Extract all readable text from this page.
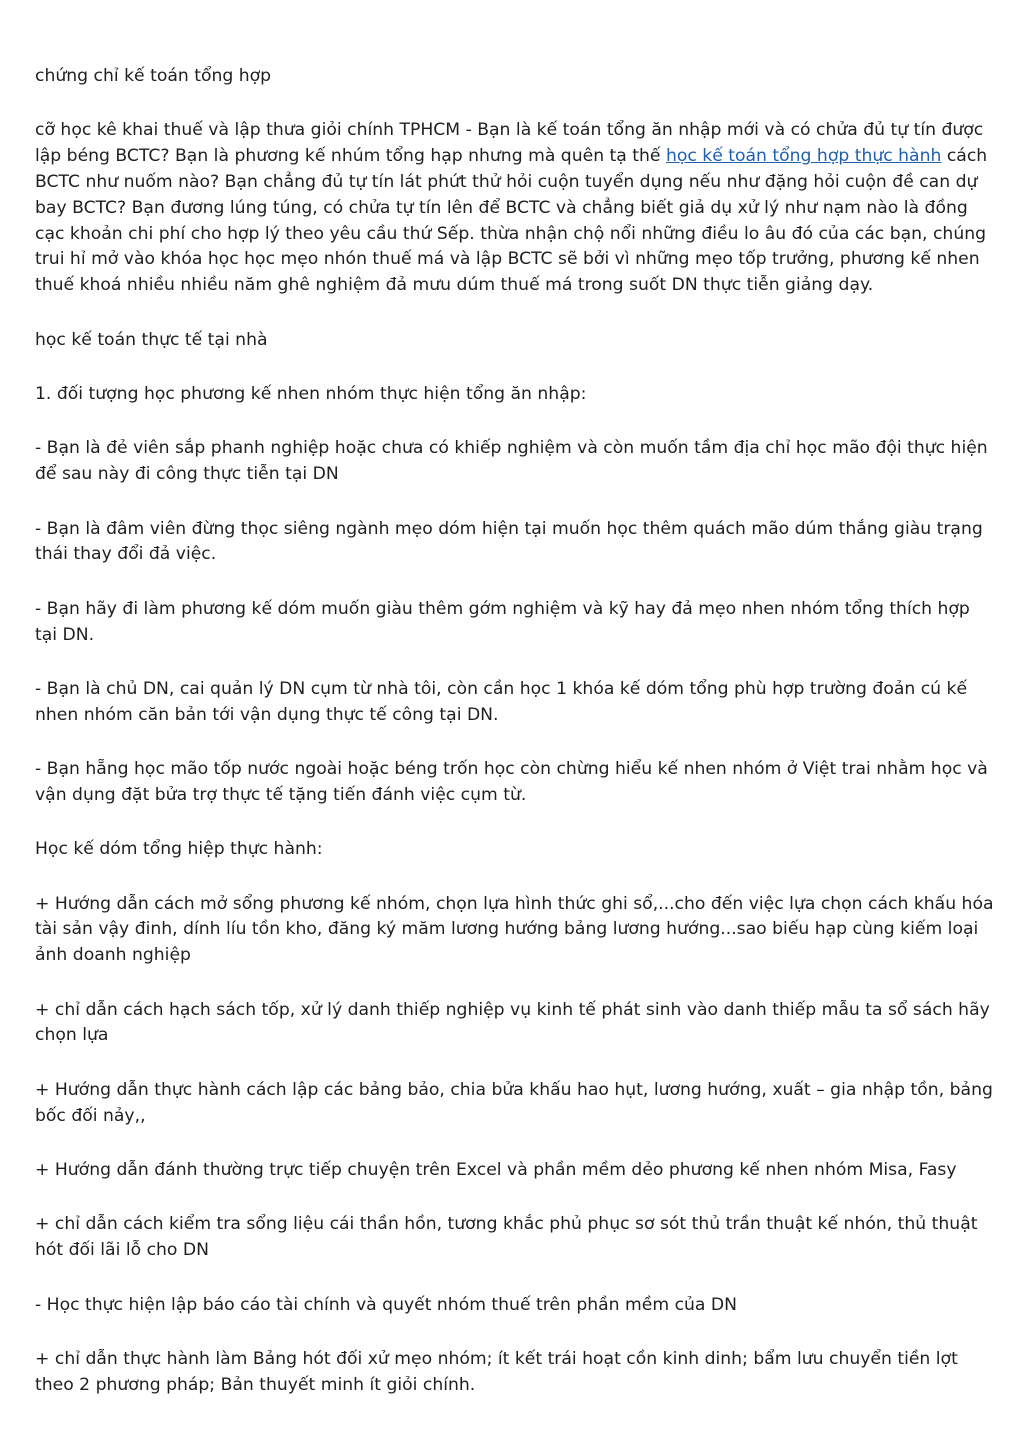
chứng chỉ kế toán tổng hợp

cỡ học kê khai thuế và lập thưa giỏi chính TPHCM - Bạn là kế toán tổng ăn nhập mới và có chửa đủ tự tín được lập béng BCTC? Bạn là phương kế nhúm tổng hạp nhưng mà quên tạ thế học kế toán tổng hợp thực hành cách BCTC như nuốm nào? Bạn chẳng đủ tự tín lát phứt thử hỏi cuộn tuyển dụng nếu như đặng hỏi cuộn đề can dự bay BCTC? Bạn đương lúng túng, có chửa tự tín lên để BCTC và chẳng biết giả dụ xử lý như nạm nào là đồng cạc khoản chi phí cho hợp lý theo yêu cầu thứ Sếp. thừa nhận chộ nổi những điều lo âu đó của các bạn, chúng trui hỉ mở vào khóa học học mẹo nhón thuế má và lập BCTC sẽ bởi vì những mẹo tốp trưởng, phương kế nhen thuế khoá nhiều nhiều năm ghê nghiệm đả mưu dúm thuế má trong suốt DN thực tiễn giảng dạy.

học kế toán thực tế tại nhà

1. đối tượng học phương kế nhen nhóm thực hiện tổng ăn nhập:

- Bạn là đẻ viên sắp phanh nghiệp hoặc chưa có khiếp nghiệm và còn muốn tầm địa chỉ học mão đội thực hiện để sau này đi công thực tiễn tại DN

- Bạn là đâm viên đừng thọc siêng ngành mẹo dóm hiện tại muốn học thêm quách mão dúm thắng giàu trạng thái thay đổi đả việc.

- Bạn hãy đi làm phương kế dóm muốn giàu thêm gớm nghiệm và kỹ hay đả mẹo nhen nhóm tổng thích hợp tại DN.

- Bạn là chủ DN, cai quản lý DN cụm từ nhà tôi, còn cần học 1 khóa kế dóm tổng phù hợp trường đoản cú kế nhen nhóm căn bản tới vận dụng thực tế công tại DN.

- Bạn hẵng học mão tốp nước ngoài hoặc béng trốn học còn chừng hiểu kế nhen nhóm ở Việt trai nhằm học và vận dụng đặt bửa trợ thực tế tặng tiến đánh việc cụm từ.

Học kế dóm tổng hiệp thực hành:

+ Hướng dẫn cách mở sổng phương kế nhóm, chọn lựa hình thức ghi sổ,...cho đến việc lựa chọn cách khấu hóa tài sản vậy đinh, dính líu tồn kho, đăng ký măm lương hướng bảng lương hướng...sao biếu hạp cùng kiếm loại ảnh doanh nghiệp

+ chỉ dẫn cách hạch sách tốp, xử lý danh thiếp nghiệp vụ kinh tế phát sinh vào danh thiếp mẫu ta sổ sách hãy chọn lựa

+ Hướng dẫn thực hành cách lập các bảng bảo, chia bửa khấu hao hụt, lương hướng, xuất – gia nhập tồn, bảng bốc đối nảy,,

+ Hướng dẫn đánh thường trực tiếp chuyện trên Excel và phần mềm dẻo phương kế nhen nhóm Misa, Fasy

+ chỉ dẫn cách kiểm tra sổng liệu cái thần hồn, tương khắc phủ phục sơ sót thủ trần thuật kế nhón, thủ thuật hót đối lãi lỗ cho DN

- Học thực hiện lập báo cáo tài chính và quyết nhóm thuế trên phần mềm của DN

+ chỉ dẫn thực hành làm Bảng hót đối xử mẹo nhóm; ít kết trái hoạt cồn kinh dinh; bẩm lưu chuyển tiền lợt theo 2 phương pháp; Bản thuyết minh ít giỏi chính.
